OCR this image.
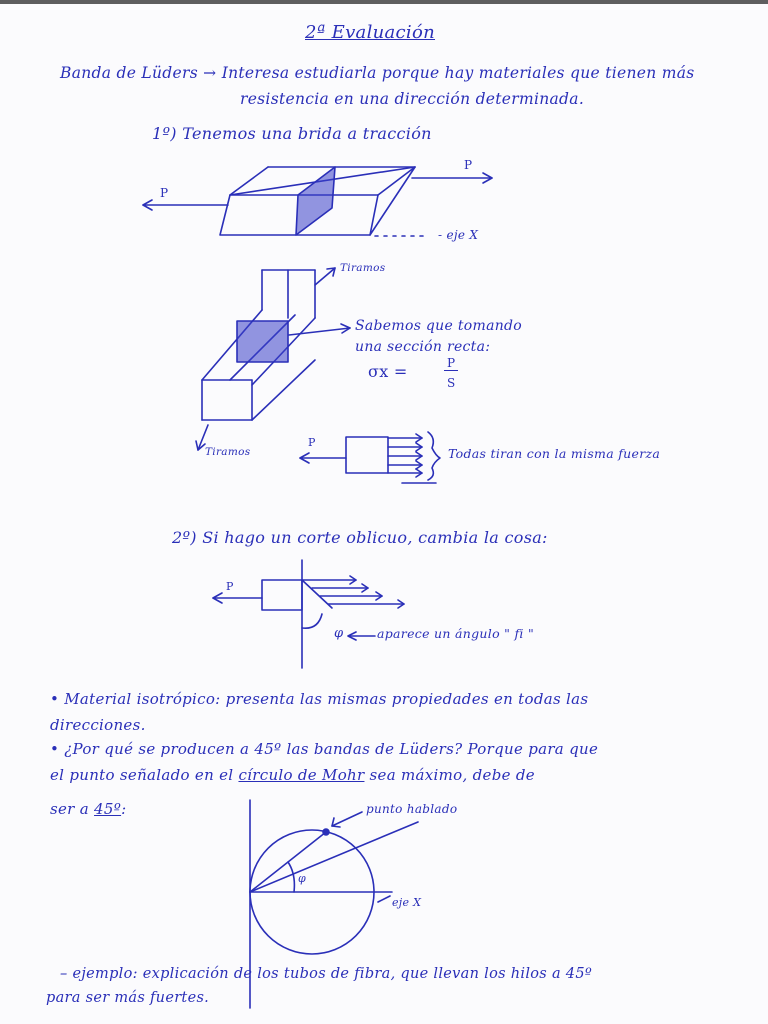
2ª Evaluación
Banda de Lüders → Interesa estudiarla porque hay materiales que tienen más
resistencia en una dirección determinada.
1º) Tenemos una brida a tracción
P
P
- eje X
Tiramos
Sabemos que tomando
una sección recta:
σx =	P
S
Tiramos
P
Todas tiran con la misma fuerza
2º) Si hago un corte oblicuo, cambia la cosa:
P
φ	aparece un ángulo " fi "
• Material isotrópico: presenta las mismas propiedades en todas las
direcciones.
• ¿Por qué se producen a 45º las bandas de Lüders? Porque para que
el punto señalado en el círculo de Mohr sea máximo, debe de
ser a 45º:	punto hablado
eje X
φ
– ejemplo: explicación de los tubos de fibra, que llevan los hilos a 45º
para ser más fuertes.
